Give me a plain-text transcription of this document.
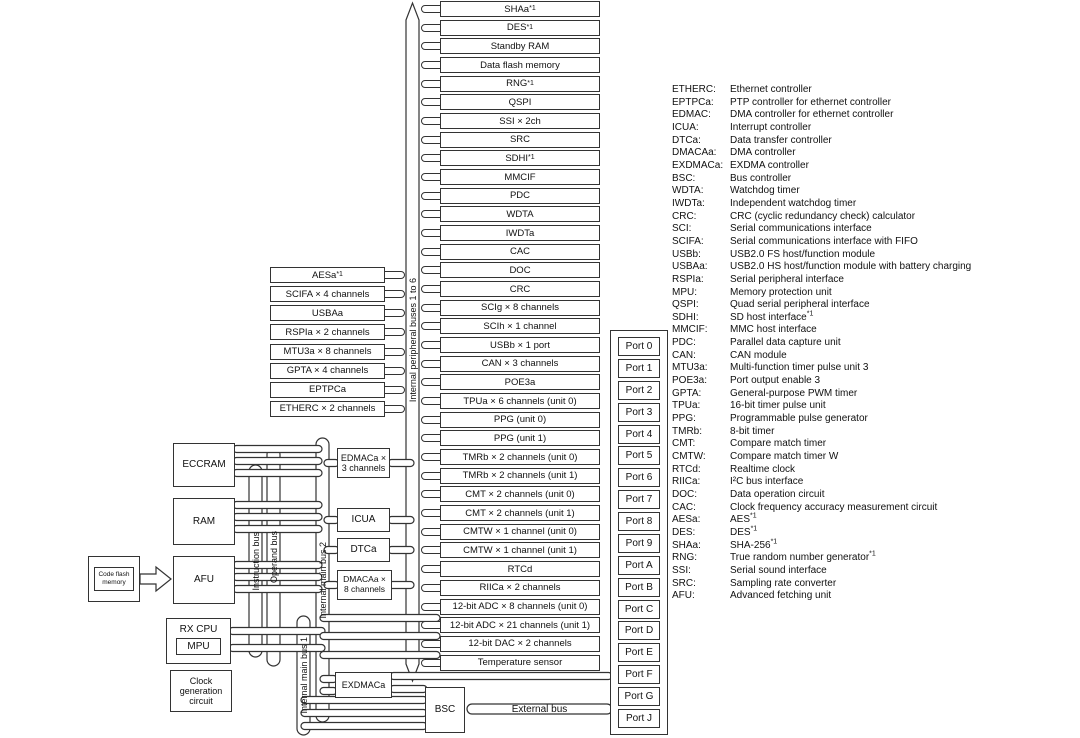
Internal peripheral buses 1 to 6
Instruction bus Operand bus	Internal main bus 2
Internal main bus 1	External bus
SHAa *1
DES *1
Standby RAM
Data flash memory
RNG *1
QSPI
SSI × 2ch
SRC
SDHI *1
MMCIF
PDC
WDTA
IWDTa
CAC
DOC
CRC
SCIg × 8 channels
SCIh × 1 channel
USBb × 1 port
CAN × 3 channels
POE3a
TPUa × 6 channels (unit 0)
PPG (unit 0)
PPG (unit 1)
TMRb × 2 channels (unit 0)
TMRb × 2 channels (unit 1)
CMT × 2 channels (unit 0)
CMT × 2 channels (unit 1)
CMTW × 1 channel (unit 0)
CMTW × 1 channel (unit 1)
RTCd
RIICa × 2 channels
12-bit ADC × 8 channels (unit 0)
12-bit ADC × 21 channels (unit 1)
12-bit DAC × 2 channels
Temperature sensor
AESa *1
SCIFA × 4 channels
USBAa
RSPIa × 2 channels
MTU3a × 8 channels
GPTA × 4 channels
EPTPCa
ETHERC × 2 channels
ECCRAM
RAM
AFU
RX CPU
MPU
Clock generation circuit
Code flash memory
EDMACa ×
3 channels
ICUA
DTCa
DMACAa ×
8 channels
EXDMACa
BSC
Port 0
Port 1
Port 2
Port 3
Port 4
Port 5
Port 6
Port 7
Port 8
Port 9
Port A
Port B
Port C
Port D
Port E
Port F
Port G
Port J
ETHERC:	Ethernet controller
EPTPCa:	PTP controller for ethernet controller
EDMAC:	DMA controller for ethernet controller
ICUA:	Interrupt controller
DTCa:	Data transfer controller
DMACAa:	DMA controller
EXDMACa: EXDMA controller
BSC:	Bus controller
WDTA:	Watchdog timer
IWDTa:	Independent watchdog timer
CRC:	CRC (cyclic redundancy check) calculator
SCI:	Serial communications interface
SCIFA:	Serial communications interface with FIFO
USBb:	USB2.0 FS host/function module
USBAa:	USB2.0 HS host/function module with battery charging
RSPIa:	Serial peripheral interface
MPU:	Memory protection unit
QSPI:	Quad serial peripheral interface
SDHI:	SD host interface$^{*1}$
MMCIF:	MMC host interface
PDC:	Parallel data capture unit
CAN:	CAN module
MTU3a:	Multi-function timer pulse unit 3
POE3a:	Port output enable 3
GPTA:	General-purpose PWM timer
TPUa:	16-bit timer pulse unit
PPG:	Programmable pulse generator
TMRb:	8-bit timer
CMT:	Compare match timer
CMTW:	Compare match timer W
RTCd:	Realtime clock
RIICa:	I²C bus interface
DOC:	Data operation circuit
CAC:	Clock frequency accuracy measurement circuit
AESa:	AES$^{*1}$
DES:	DES$^{*1}$
SHAa:	SHA-256$^{*1}$
RNG:	True random number generator$^{*1}$
SSI:	Serial sound interface
SRC:	Sampling rate converter
AFU:	Advanced fetching unit
